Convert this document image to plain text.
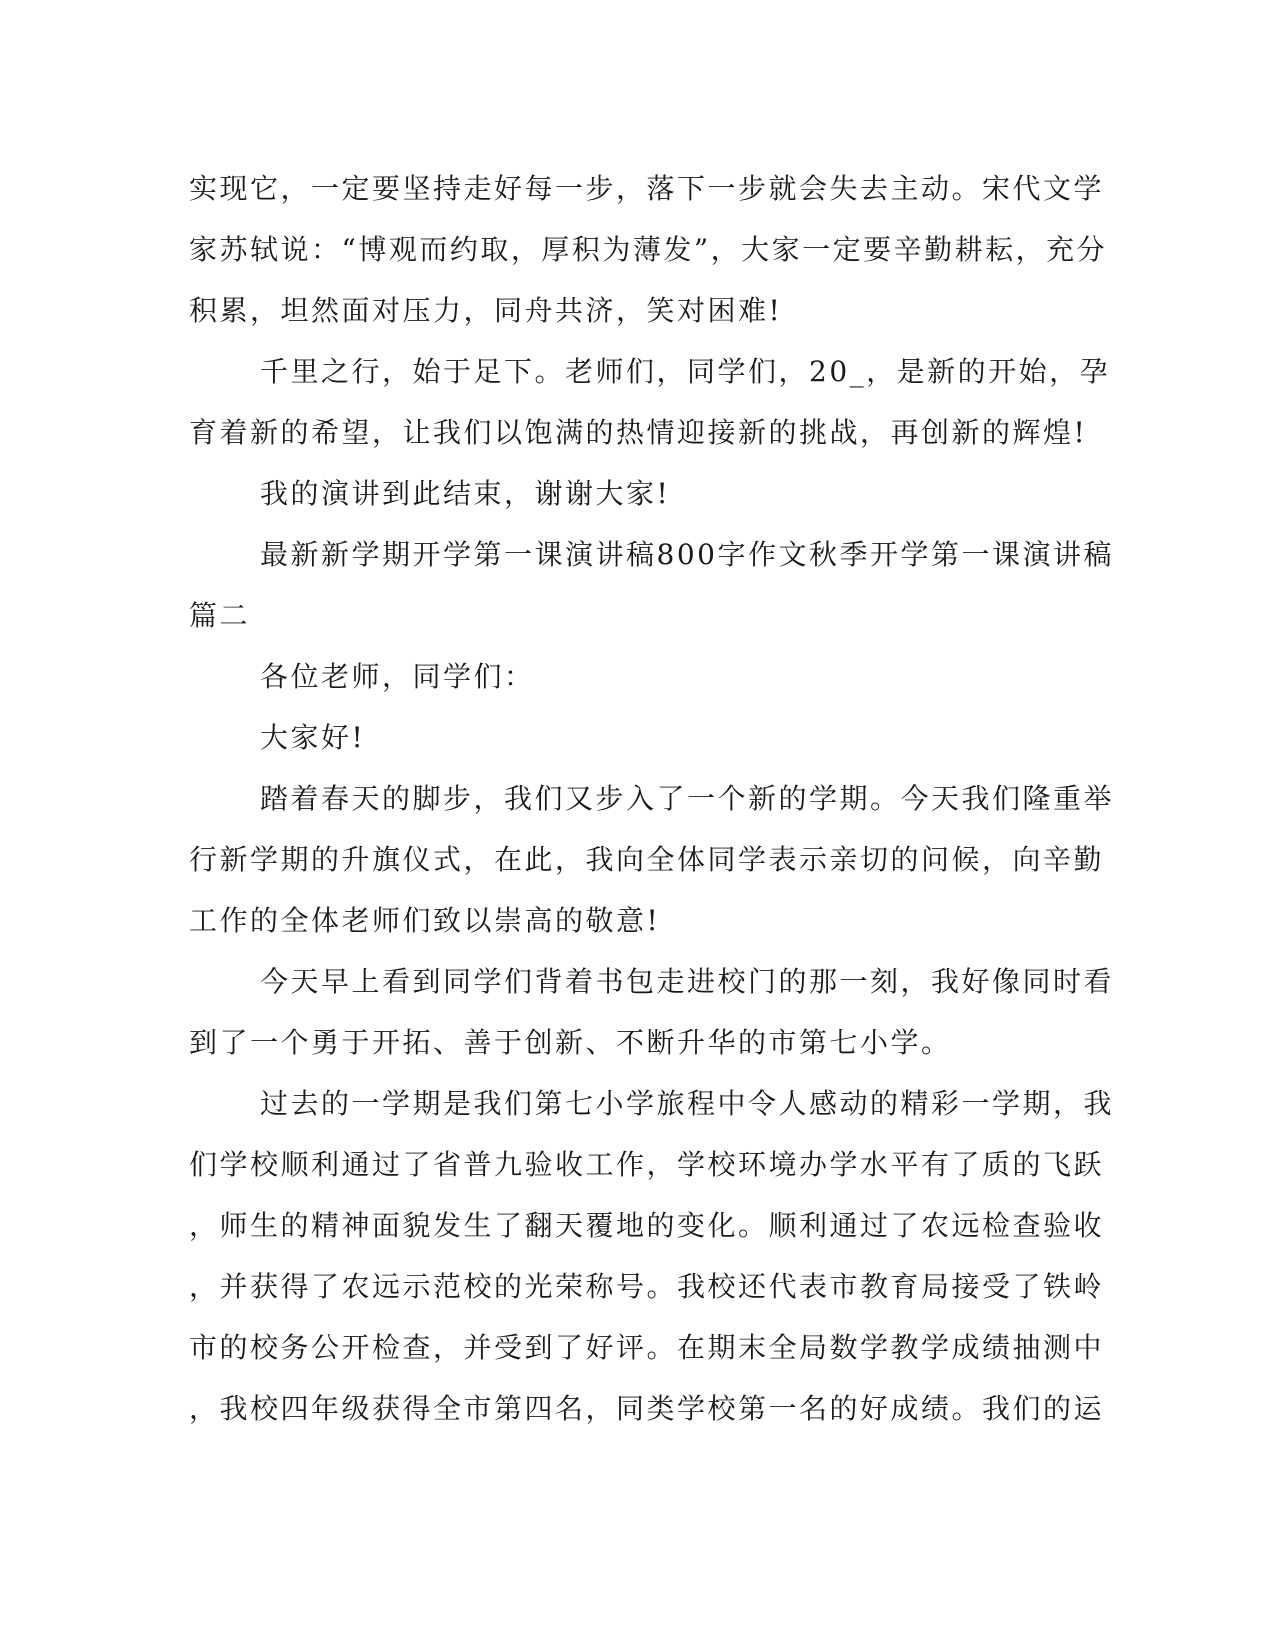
实现它，一定要坚持走好每一步，落下一步就会失去主动。宋代文学
家苏轼说：“博观而约取，厚积为薄发”，大家一定要辛勤耕耘，充分
积累，坦然面对压力，同舟共济，笑对困难!
千里之行，始于足下。老师们，同学们，20_，是新的开始，孕
育着新的希望，让我们以饱满的热情迎接新的挑战，再创新的辉煌!
我的演讲到此结束，谢谢大家!
最新新学期开学第一课演讲稿800字作文秋季开学第一课演讲稿
篇二
各位老师，同学们：
大家好!
踏着春天的脚步，我们又步入了一个新的学期。今天我们隆重举
行新学期的升旗仪式，在此，我向全体同学表示亲切的问候，向辛勤
工作的全体老师们致以崇高的敬意!
今天早上看到同学们背着书包走进校门的那一刻，我好像同时看
到了一个勇于开拓、善于创新、不断升华的市第七小学。
过去的一学期是我们第七小学旅程中令人感动的精彩一学期，我
们学校顺利通过了省普九验收工作，学校环境办学水平有了质的飞跃
，师生的精神面貌发生了翻天覆地的变化。顺利通过了农远检查验收
，并获得了农远示范校的光荣称号。我校还代表市教育局接受了铁岭
市的校务公开检查，并受到了好评。在期末全局数学教学成绩抽测中
，我校四年级获得全市第四名，同类学校第一名的好成绩。我们的运
